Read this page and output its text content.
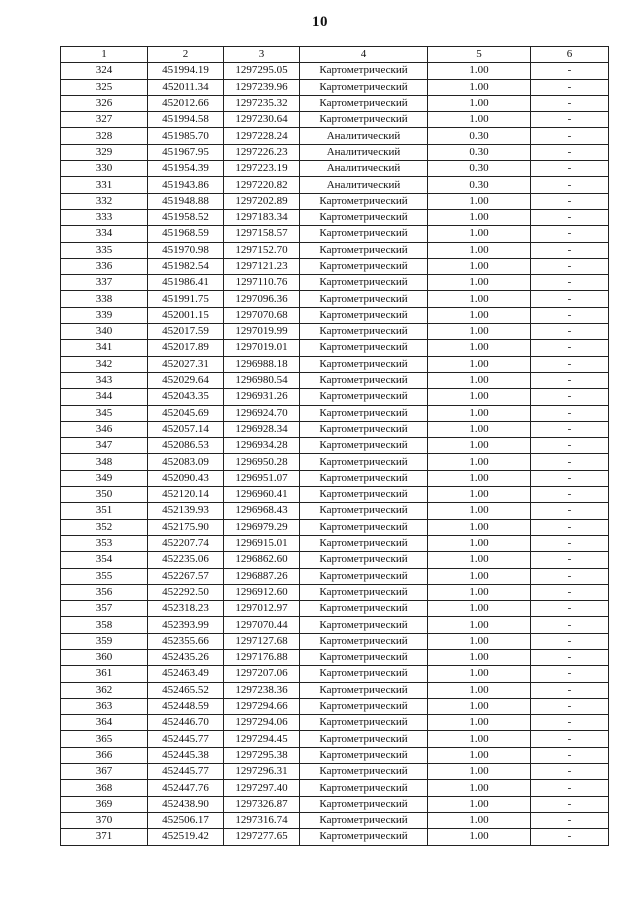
10
1	2	3	4	5	6
324	451994.19	1297295.05	Картометрический	1.00	-
325	452011.34	1297239.96	Картометрический	1.00	-
326	452012.66	1297235.32	Картометрический	1.00	-
327	451994.58	1297230.64	Картометрический	1.00	-
328	451985.70	1297228.24	Аналитический	0.30	-
329	451967.95	1297226.23	Аналитический	0.30	-
330	451954.39	1297223.19	Аналитический	0.30	-
331	451943.86	1297220.82	Аналитический	0.30	-
332	451948.88	1297202.89	Картометрический	1.00	-
333	451958.52	1297183.34	Картометрический	1.00	-
334	451968.59	1297158.57	Картометрический	1.00	-
335	451970.98	1297152.70	Картометрический	1.00	-
336	451982.54	1297121.23	Картометрический	1.00	-
337	451986.41	1297110.76	Картометрический	1.00	-
338	451991.75	1297096.36	Картометрический	1.00	-
339	452001.15	1297070.68	Картометрический	1.00	-
340	452017.59	1297019.99	Картометрический	1.00	-
341	452017.89	1297019.01	Картометрический	1.00	-
342	452027.31	1296988.18	Картометрический	1.00	-
343	452029.64	1296980.54	Картометрический	1.00	-
344	452043.35	1296931.26	Картометрический	1.00	-
345	452045.69	1296924.70	Картометрический	1.00	-
346	452057.14	1296928.34	Картометрический	1.00	-
347	452086.53	1296934.28	Картометрический	1.00	-
348	452083.09	1296950.28	Картометрический	1.00	-
349	452090.43	1296951.07	Картометрический	1.00	-
350	452120.14	1296960.41	Картометрический	1.00	-
351	452139.93	1296968.43	Картометрический	1.00	-
352	452175.90	1296979.29	Картометрический	1.00	-
353	452207.74	1296915.01	Картометрический	1.00	-
354	452235.06	1296862.60	Картометрический	1.00	-
355	452267.57	1296887.26	Картометрический	1.00	-
356	452292.50	1296912.60	Картометрический	1.00	-
357	452318.23	1297012.97	Картометрический	1.00	-
358	452393.99	1297070.44	Картометрический	1.00	-
359	452355.66	1297127.68	Картометрический	1.00	-
360	452435.26	1297176.88	Картометрический	1.00	-
361	452463.49	1297207.06	Картометрический	1.00	-
362	452465.52	1297238.36	Картометрический	1.00	-
363	452448.59	1297294.66	Картометрический	1.00	-
364	452446.70	1297294.06	Картометрический	1.00	-
365	452445.77	1297294.45	Картометрический	1.00	-
366	452445.38	1297295.38	Картометрический	1.00	-
367	452445.77	1297296.31	Картометрический	1.00	-
368	452447.76	1297297.40	Картометрический	1.00	-
369	452438.90	1297326.87	Картометрический	1.00	-
370	452506.17	1297316.74	Картометрический	1.00	-
371	452519.42	1297277.65	Картометрический	1.00	-
